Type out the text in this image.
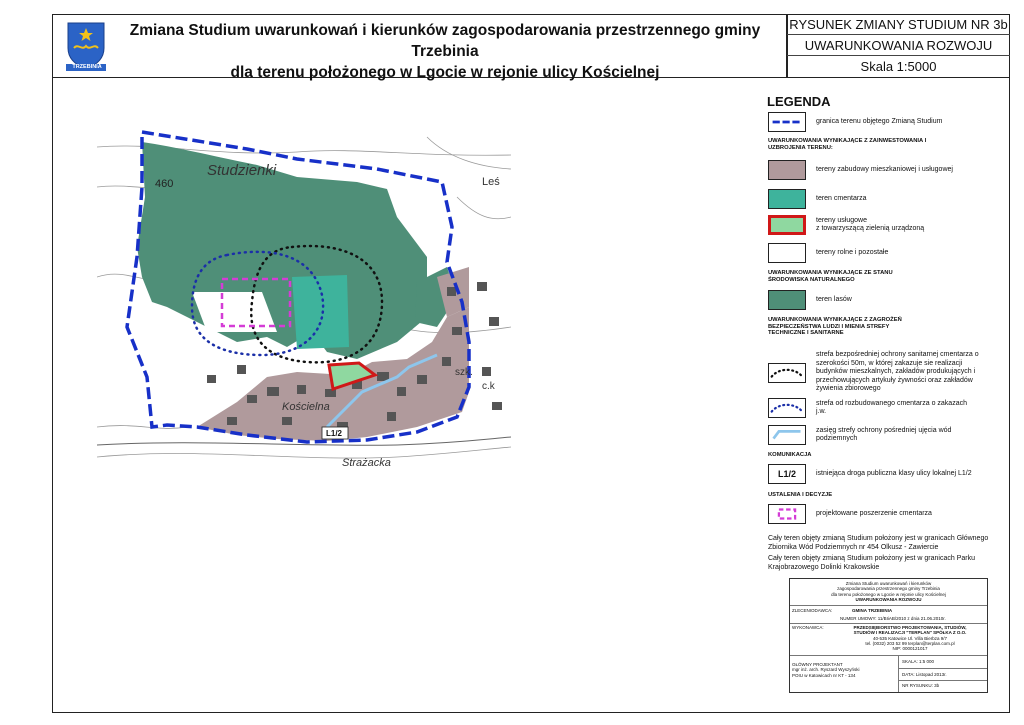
TRZEBINIA
Zmiana Studium uwarunkowań i kierunków zagospodarowania przestrzennego gminy Trzebinia
dla terenu położonego w Lgocie w rejonie ulicy Kościelnej
RYSUNEK ZMIANY STUDIUM NR 3b
UWARUNKOWANIA ROZWOJU
Skala 1:5000
Studzienki
Kościelna
Strażacka
Leś
szk.
c.k
460
L1/2
LEGENDA
granica terenu objętego Zmianą Studium
UWARUNKOWANIA WYNIKAJĄCE Z ZAINWESTOWANIA I UZBROJENIA TERENU:
tereny zabudowy mieszkaniowej i usługowej
teren cmentarza
tereny usługowe
z towarzyszącą zielenią urządzoną
tereny rolne i pozostałe
UWARUNKOWANIA WYNIKAJĄCE ZE STANU ŚRODOWISKA NATURALNEGO
teren lasów
UWARUNKOWANIA WYNIKAJĄCE Z ZAGROŻEŃ BEZPIECZEŃSTWA LUDZI I MIENIA STREFY TECHNICZNE I SANITARNE
strefa bezpośredniej ochrony sanitarnej cmentarza o szerokości 50m, w której zakazuje sie realizacji budynków mieszkalnych, zakładów produkujących i przechowujących artykuły żywności oraz zakładów żywienia zbiorowego
strefa od rozbudowanego cmentarza o zakazach j.w.
zasięg strefy ochrony pośredniej ujęcia wód podziemnych
KOMUNIKACJA
L1/2	istniejąca droga publiczna klasy ulicy lokalnej L1/2
USTALENIA I DECYZJE
projektowane poszerzenie cmentarza
Cały teren objęty zmianą Studium położony jest w granicach Głównego Zbiornika Wód Podziemnych nr 454 Olkusz - Zawiercie
Cały teren objęty zmianą Studium położony jest w granicach Parku Krajobrazowego Dolinki Krakowskie
Zmiana Studium uwarunkowań i kierunków
zagospodarowania przestrzennego gminy Trzebinia
dla terenu położonego w Lgocie w rejonie ulicy Kościelnej
UWARUNKOWANIA ROZWOJU
ZLECENIODAWCA:	GMINA TRZEBINIA
NUMER UMOWY: 11/BIiAB/2010 z dnia 21.06.2010r.
WYKONAWCA:	PRZEDSIĘBIORSTWO PROJEKTOWANIA, STUDIÓW,
STUDIÓW I REALIZACJI "TERPLAN" SPÓŁKA Z O.O.
40-535 Katowice Ul. Villa Bierbza 9/7
tel. (0032) 203 52 99 terplan@terplan.com.pl
NIP: 0000121017
GŁÓWNY PROJEKTANT
mgr inż. arch. Ryszard Wyszyński
POIU w Katowicach nr KT - 134
SKALA: 1:5 000
DATA: Listopad 2013r.
NR RYSUNKU: 3b
